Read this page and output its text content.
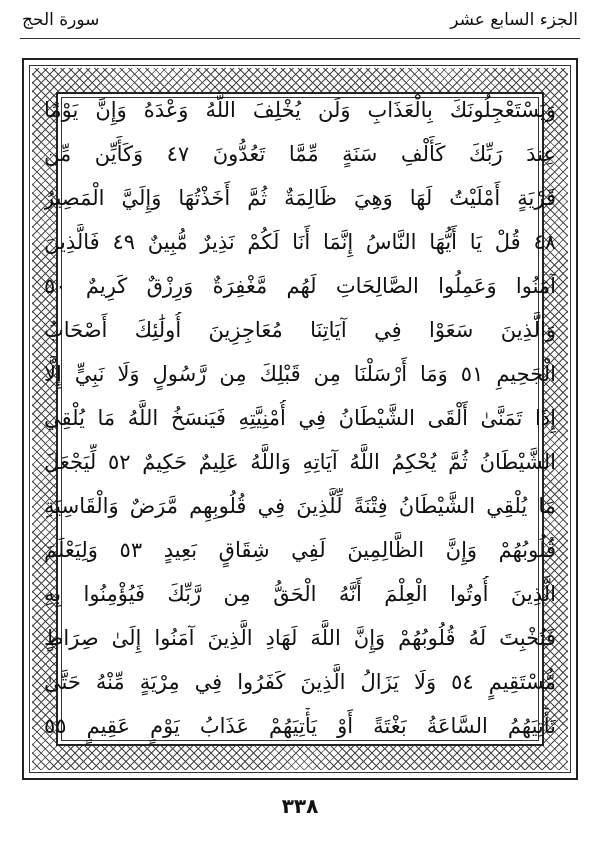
سورة الحج	الجزء السابع عشر
وَيَسْتَعْجِلُونَكَ بِالْعَذَابِ وَلَن يُخْلِفَ اللَّهُ وَعْدَهُ وَإِنَّ يَوْمًا
عِندَ رَبِّكَ كَأَلْفِ سَنَةٍ مِّمَّا تَعُدُّونَ ٤٧ وَكَأَيِّن مِّن
قَرْيَةٍ أَمْلَيْتُ لَهَا وَهِيَ ظَالِمَةٌ ثُمَّ أَخَذْتُهَا وَإِلَيَّ الْمَصِيرُ
٤٨ قُلْ يَا أَيُّهَا النَّاسُ إِنَّمَا أَنَا لَكُمْ نَذِيرٌ مُّبِينٌ ٤٩ فَالَّذِينَ
آمَنُوا وَعَمِلُوا الصَّالِحَاتِ لَهُم مَّغْفِرَةٌ وَرِزْقٌ كَرِيمٌ ٥٠
وَالَّذِينَ سَعَوْا فِي آيَاتِنَا مُعَاجِزِينَ أُولَٰئِكَ أَصْحَابُ
الْجَحِيمِ ٥١ وَمَا أَرْسَلْنَا مِن قَبْلِكَ مِن رَّسُولٍ وَلَا نَبِيٍّ إِلَّا
إِذَا تَمَنَّىٰ أَلْقَى الشَّيْطَانُ فِي أُمْنِيَّتِهِ فَيَنسَخُ اللَّهُ مَا يُلْقِي
الشَّيْطَانُ ثُمَّ يُحْكِمُ اللَّهُ آيَاتِهِ وَاللَّهُ عَلِيمٌ حَكِيمٌ ٥٢ لِّيَجْعَلَ
مَا يُلْقِي الشَّيْطَانُ فِتْنَةً لِّلَّذِينَ فِي قُلُوبِهِم مَّرَضٌ وَالْقَاسِيَةِ
قُلُوبُهُمْ وَإِنَّ الظَّالِمِينَ لَفِي شِقَاقٍ بَعِيدٍ ٥٣ وَلِيَعْلَمَ
الَّذِينَ أُوتُوا الْعِلْمَ أَنَّهُ الْحَقُّ مِن رَّبِّكَ فَيُؤْمِنُوا بِهِ
فَتُخْبِتَ لَهُ قُلُوبُهُمْ وَإِنَّ اللَّهَ لَهَادِ الَّذِينَ آمَنُوا إِلَىٰ صِرَاطٍ
مُّسْتَقِيمٍ ٥٤ وَلَا يَزَالُ الَّذِينَ كَفَرُوا فِي مِرْيَةٍ مِّنْهُ حَتَّىٰ
تَأْتِيَهُمُ السَّاعَةُ بَغْتَةً أَوْ يَأْتِيَهُمْ عَذَابُ يَوْمٍ عَقِيمٍ ٥٥
٣٣٨
